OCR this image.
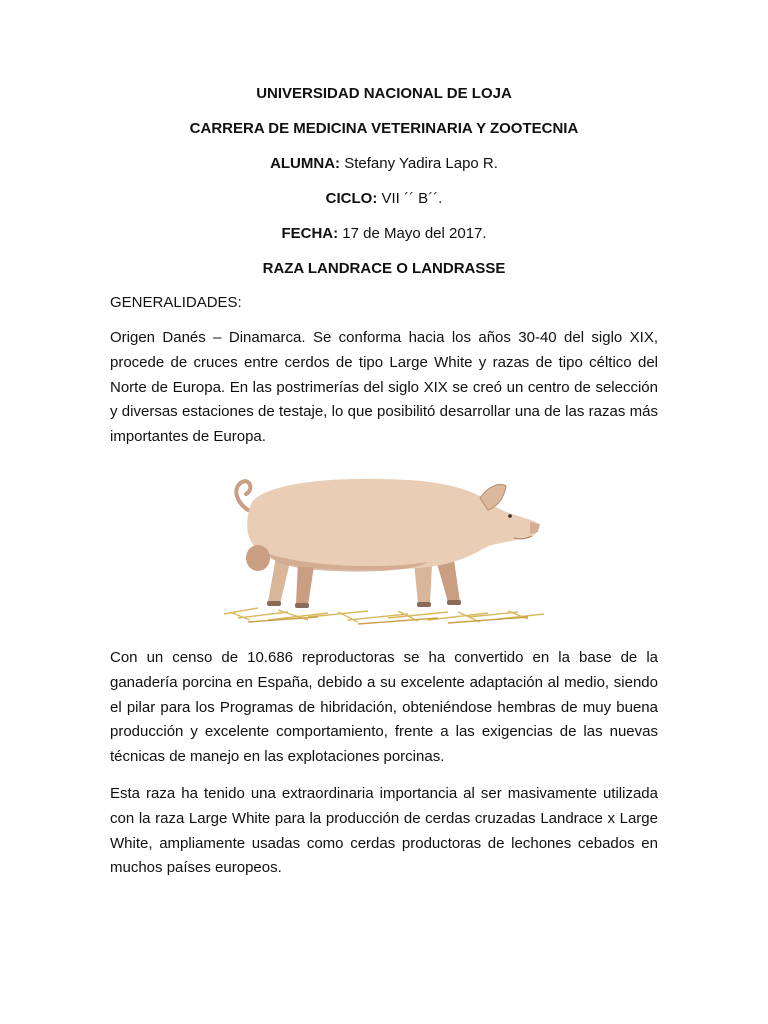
UNIVERSIDAD NACIONAL DE LOJA
CARRERA DE MEDICINA VETERINARIA Y ZOOTECNIA
ALUMNA: Stefany Yadira Lapo R.
CICLO: VII ´´ B´´.
FECHA: 17 de Mayo del 2017.
RAZA LANDRACE O LANDRASSE
GENERALIDADES:

Origen Danés – Dinamarca. Se conforma hacia los años 30-40 del siglo XIX, procede de cruces entre cerdos de tipo Large White y razas de tipo céltico del Norte de Europa. En las postrimerías del siglo XIX se creó un centro de selección y diversas estaciones de testaje, lo que posibilitó desarrollar una de las razas más importantes de Europa.

Con un censo de 10.686 reproductoras se ha convertido en la base de la ganadería porcina en España, debido a su excelente adaptación al medio, siendo el pilar para los Programas de hibridación, obteniéndose hembras de muy buena producción y excelente comportamiento, frente a las exigencias de las nuevas técnicas de manejo en las explotaciones porcinas.

Esta raza ha tenido una extraordinaria importancia al ser masivamente utilizada con la raza Large White para la producción de cerdas cruzadas Landrace x Large White, ampliamente usadas como cerdas productoras de lechones cebados en muchos países europeos.
